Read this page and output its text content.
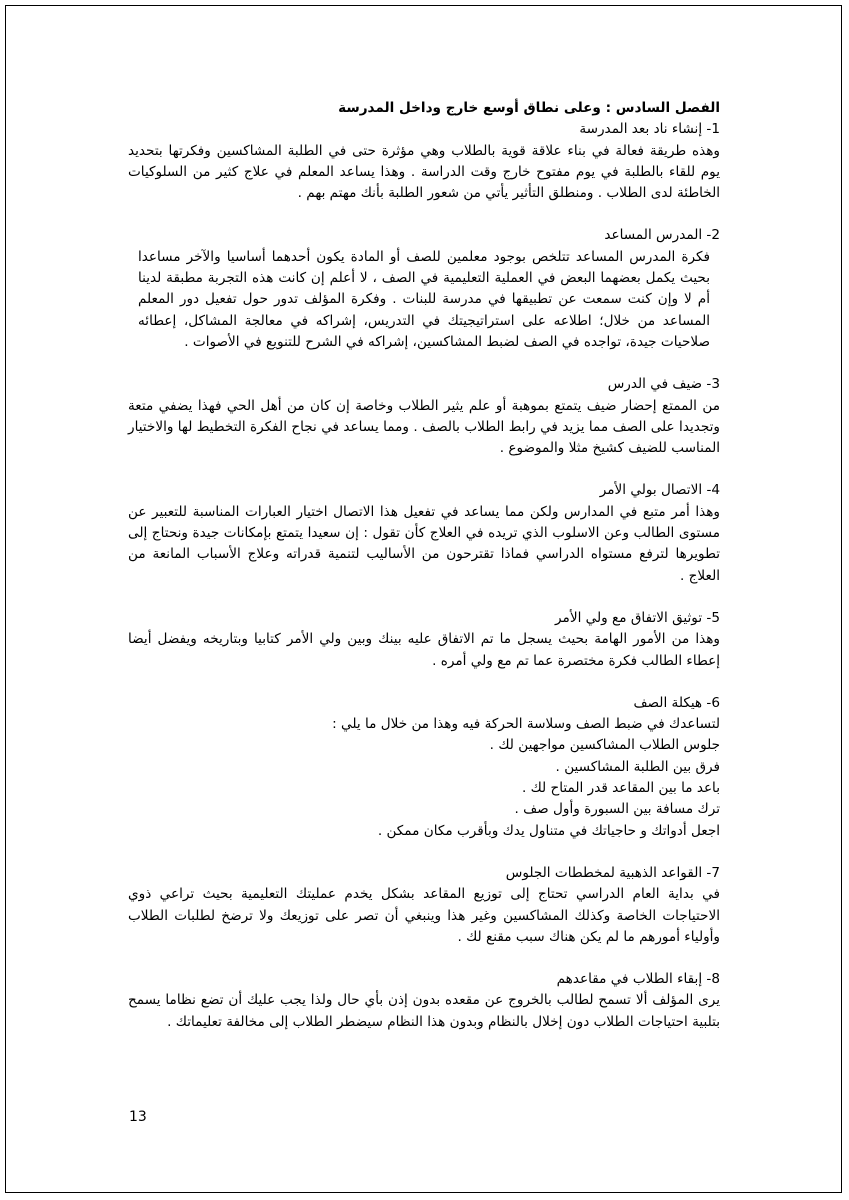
الفصل السادس : وعلى نطاق أوسع خارج وداخل المدرسة

1- إنشاء ناد بعد المدرسة

وهذه طريقة فعالة في بناء علاقة قوية بالطلاب وهي مؤثرة حتى في الطلبة المشاكسين وفكرتها بتحديد يوم للقاء بالطلبة في يوم مفتوح خارج وقت الدراسة . وهذا يساعد المعلم في علاج كثير من السلوكيات الخاطئة لدى الطلاب . ومنطلق التأثير يأتي من شعور الطلبة بأنك مهتم بهم .

2- المدرس المساعد

فكرة المدرس المساعد تتلخص بوجود معلمين للصف أو المادة يكون أحدهما أساسيا والآخر مساعدا بحيث يكمل بعضهما البعض في العملية التعليمية في الصف ، لا أعلم إن كانت هذه التجربة مطبقة لدينا أم لا وإن كنت سمعت عن تطبيقها في مدرسة للبنات . وفكرة المؤلف تدور حول تفعيل دور المعلم المساعد من خلال؛ اطلاعه على استراتيجيتك في التدريس، إشراكه في معالجة المشاكل، إعطائه صلاحيات جيدة، تواجده في الصف لضبط المشاكسين، إشراكه في الشرح للتنويع في الأصوات .

3- ضيف في الدرس

من الممتع إحضار ضيف يتمتع بموهبة أو علم يثير الطلاب وخاصة إن كان من أهل الحي فهذا يضفي متعة وتجديدا على الصف مما يزيد في رابط الطلاب بالصف . ومما يساعد في نجاح الفكرة التخطيط لها والاختيار المناسب للضيف كشيخ مثلا والموضوع .

4- الاتصال بولي الأمر

وهذا أمر متبع في المدارس ولكن مما يساعد في تفعيل هذا الاتصال اختيار العبارات المناسبة للتعبير عن مستوى الطالب وعن الاسلوب الذي تريده في العلاج كأن تقول : إن سعيدا يتمتع بإمكانات جيدة ونحتاج إلى تطويرها لترفع مستواه الدراسي فماذا تقترحون من الأساليب لتنمية قدراته وعلاج الأسباب المانعة من العلاج .

5- توثيق الاتفاق مع ولي الأمر

وهذا من الأمور الهامة بحيث يسجل ما تم الاتفاق عليه بينك وبين ولي الأمر كتابيا وبتاريخه ويفضل أيضا إعطاء الطالب فكرة مختصرة عما تم مع ولي أمره .

6- هيكلة الصف

لتساعدك في ضبط الصف وسلاسة الحركة فيه وهذا من خلال ما يلي :

جلوس الطلاب المشاكسين مواجهين لك .
فرق بين الطلبة المشاكسين .
باعد ما بين المقاعد قدر المتاح لك .
ترك مسافة بين السبورة وأول صف .
اجعل أدواتك و حاجياتك في متناول يدك وبأقرب مكان ممكن .

7- القواعد الذهبية لمخططات الجلوس

في بداية العام الدراسي تحتاج إلى توزيع المقاعد بشكل يخدم عمليتك التعليمية بحيث تراعي ذوي الاحتياجات الخاصة وكذلك المشاكسين وغير هذا وينبغي أن تصر على توزيعك ولا ترضخ لطلبات الطلاب وأولياء أمورهم ما لم يكن هناك سبب مقنع لك .

8- إبقاء الطلاب في مقاعدهم

يرى المؤلف ألا تسمح لطالب بالخروج عن مقعده بدون إذن بأي حال ولذا يجب عليك أن تضع نظاما يسمح بتلبية احتياجات الطلاب دون إخلال بالنظام وبدون هذا النظام سيضطر الطلاب إلى مخالفة تعليماتك .

13
